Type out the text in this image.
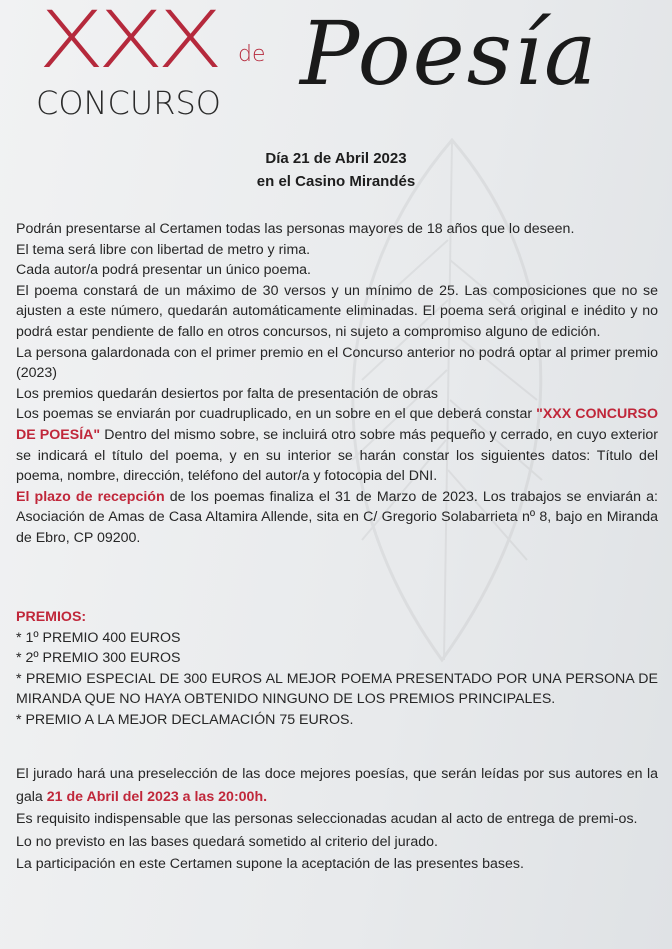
XXX de
CONCURSO Poesía
Día 21 de Abril 2023
en el Casino Mirandés

Podrán presentarse al Certamen todas las personas mayores de 18 años que lo deseen.

El tema será libre con libertad de metro y rima.

Cada autor/a podrá presentar un único poema.

El poema constará de un máximo de 30 versos y un mínimo de 25. Las composiciones que no se ajusten a este número, quedarán automáticamente eliminadas. El poema será original e inédito y no podrá estar pendiente de fallo en otros concursos, ni sujeto a compromiso alguno de edición.

La persona galardonada con el primer premio en el Concurso anterior no podrá optar al primer premio (2023)

Los premios quedarán desiertos por falta de presentación de obras

Los poemas se enviarán por cuadruplicado, en un sobre en el que deberá constar "XXX CONCURSO DE POESÍA" Dentro del mismo sobre, se incluirá otro sobre más pequeño y cerrado, en cuyo exterior se indicará el título del poema, y en su interior se harán constar los siguientes datos: Título del poema, nombre, dirección, teléfono del autor/a y fotocopia del DNI.

El plazo de recepción de los poemas finaliza el 31 de Marzo de 2023. Los trabajos se enviarán a: Asociación de Amas de Casa Altamira Allende, sita en C/ Gregorio Solabarrieta nº 8, bajo en Miranda de Ebro, CP 09200.

PREMIOS:

* 1º PREMIO 400 EUROS

* 2º PREMIO 300 EUROS

* PREMIO ESPECIAL DE 300 EUROS AL MEJOR POEMA PRESENTADO POR UNA PERSONA DE MIRANDA QUE NO HAYA OBTENIDO NINGUNO DE LOS PREMIOS PRINCIPALES.

* PREMIO A LA MEJOR DECLAMACIÓN 75 EUROS.

El jurado hará una preselección de las doce mejores poesías, que serán leídas por sus autores en la gala 21 de Abril del 2023 a las 20:00h.

Es requisito indispensable que las personas seleccionadas acudan al acto de entrega de premi-os.

Lo no previsto en las bases quedará sometido al criterio del jurado.

La participación en este Certamen supone la aceptación de las presentes bases.
